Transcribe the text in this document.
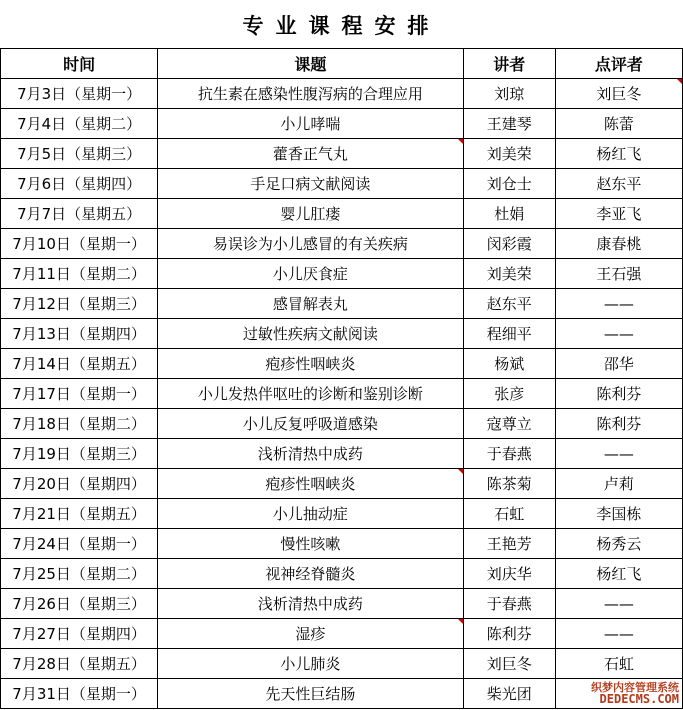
专业课程安排
时间	课题	讲者	点评者
7月3日（星期一）	抗生素在感染性腹泻病的合理应用	刘琼	刘巨冬

7月4日（星期二）	小儿哮喘	王建琴	陈蕾
7月5日（星期三）	藿香正气丸	刘美荣	杨红飞
7月6日（星期四）	手足口病文献阅读	刘仓士	赵东平
7月7日（星期五）	婴儿肛瘘	杜娟	李亚飞
7月10日（星期一）	易误诊为小儿感冒的有关疾病	闵彩霞	康春桃
7月11日（星期二）	小儿厌食症	刘美荣	王石强
7月12日（星期三）	感冒解表丸	赵东平	——
7月13日（星期四）	过敏性疾病文献阅读	程细平	——
7月14日（星期五）	疱疹性咽峡炎	杨斌	邵华
7月17日（星期一）	小儿发热伴呕吐的诊断和鉴别诊断	张彦	陈利芬
7月18日（星期二）	小儿反复呼吸道感染	寇尊立	陈利芬
7月19日（星期三）	浅析清热中成药	于春燕	——
7月20日（星期四）	疱疹性咽峡炎	陈茶菊	卢莉
7月21日（星期五）	小儿抽动症	石虹	李国栋
7月24日（星期一）	慢性咳嗽	王艳芳	杨秀云
7月25日（星期二）	视神经脊髓炎	刘庆华	杨红飞
7月26日（星期三）	浅析清热中成药	于春燕	——
7月27日（星期四）	湿疹	陈利芬	——
7月28日（星期五）	小儿肺炎	刘巨冬	石虹
7月31日（星期一）	先天性巨结肠	柴光团		织梦内容管理系统
DEDECMS.COM
